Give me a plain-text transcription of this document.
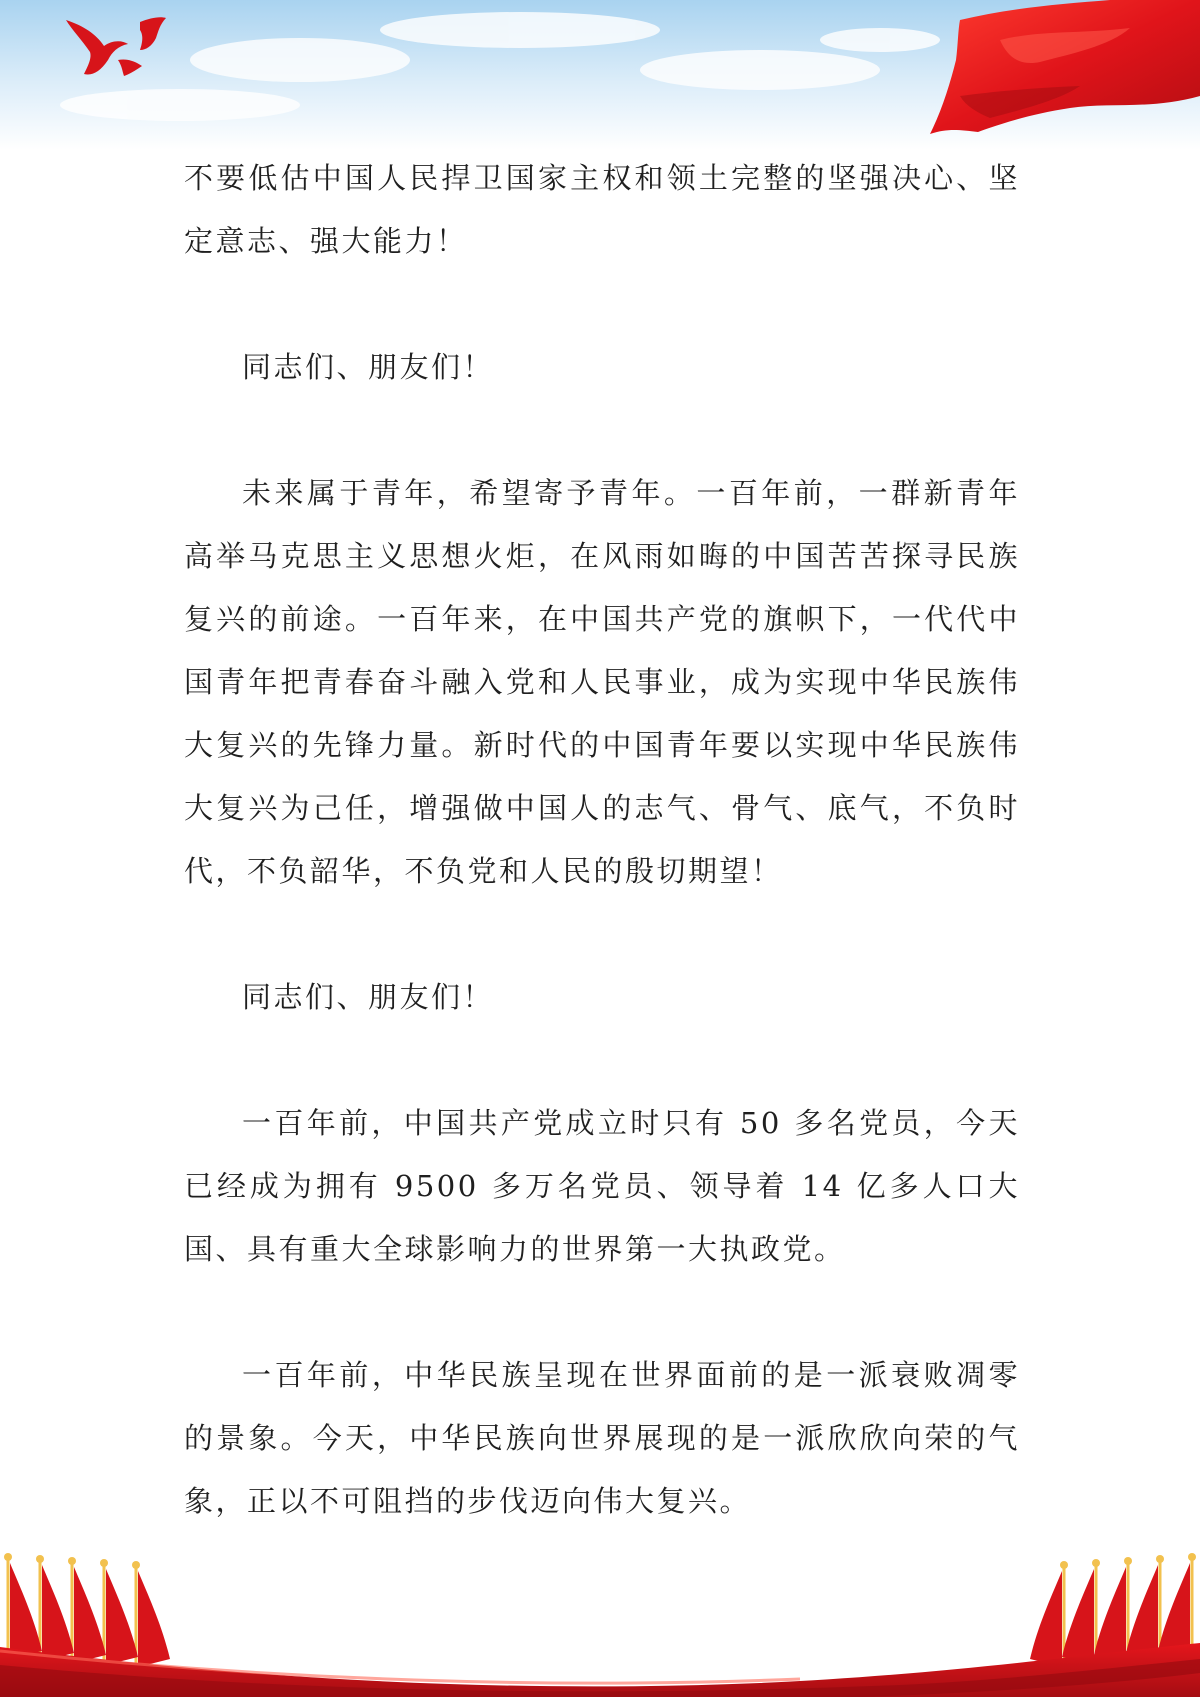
不要低估中国人民捍卫国家主权和领土完整的坚强决心、坚定意志、强大能力！

同志们、朋友们！

未来属于青年，希望寄予青年。一百年前，一群新青年高举马克思主义思想火炬，在风雨如晦的中国苦苦探寻民族复兴的前途。一百年来，在中国共产党的旗帜下，一代代中国青年把青春奋斗融入党和人民事业，成为实现中华民族伟大复兴的先锋力量。新时代的中国青年要以实现中华民族伟大复兴为己任，增强做中国人的志气、骨气、底气，不负时代，不负韶华，不负党和人民的殷切期望！

同志们、朋友们！

一百年前，中国共产党成立时只有 50 多名党员，今天已经成为拥有 9500 多万名党员、领导着 14 亿多人口大国、具有重大全球影响力的世界第一大执政党。

一百年前，中华民族呈现在世界面前的是一派衰败凋零的景象。今天，中华民族向世界展现的是一派欣欣向荣的气象，正以不可阻挡的步伐迈向伟大复兴。
